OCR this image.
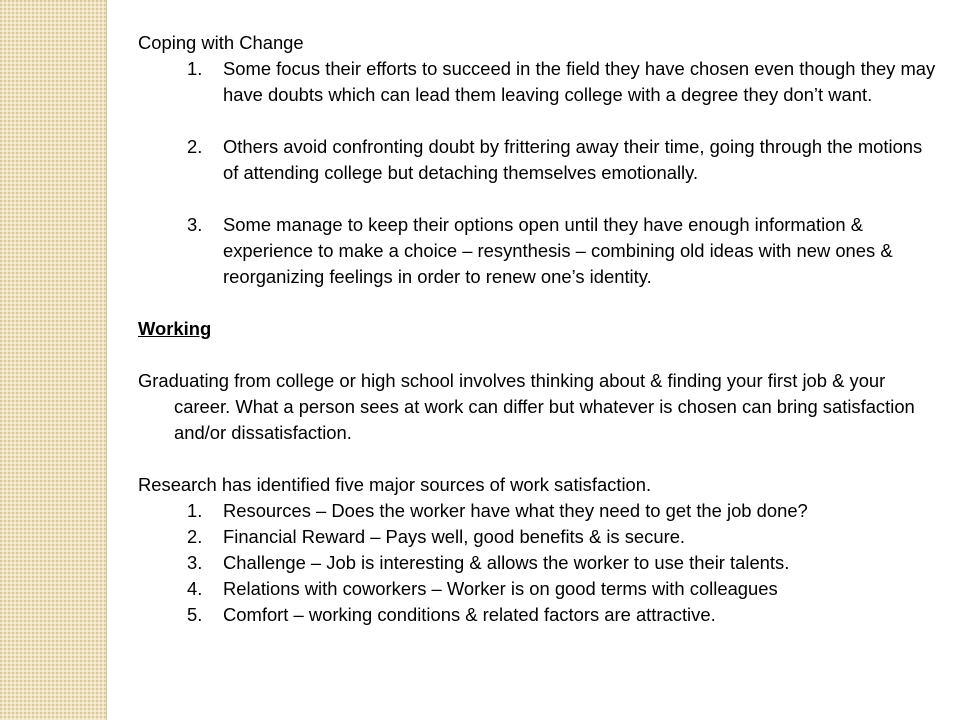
Coping with Change

1. Some focus their efforts to succeed in the field they have chosen even though they may have doubts which can lead them leaving college with a degree they don’t want.
2. Others avoid confronting doubt by frittering away their time, going through the motions of attending college but detaching themselves emotionally.
3. Some manage to keep their options open until they have enough information & experience to make a choice – resynthesis – combining old ideas with new ones & reorganizing feelings in order to renew one’s identity.

Working

Graduating from college or high school involves thinking about & finding your first job & your career. What a person sees at work can differ but whatever is chosen can bring satisfaction and/or dissatisfaction.

Research has identified five major sources of work satisfaction.

1. Resources – Does the worker have what they need to get the job done?
2. Financial Reward – Pays well, good benefits & is secure.
3. Challenge – Job is interesting & allows the worker to use their talents.
4. Relations with coworkers – Worker is on good terms with colleagues
5. Comfort – working conditions & related factors are attractive.
